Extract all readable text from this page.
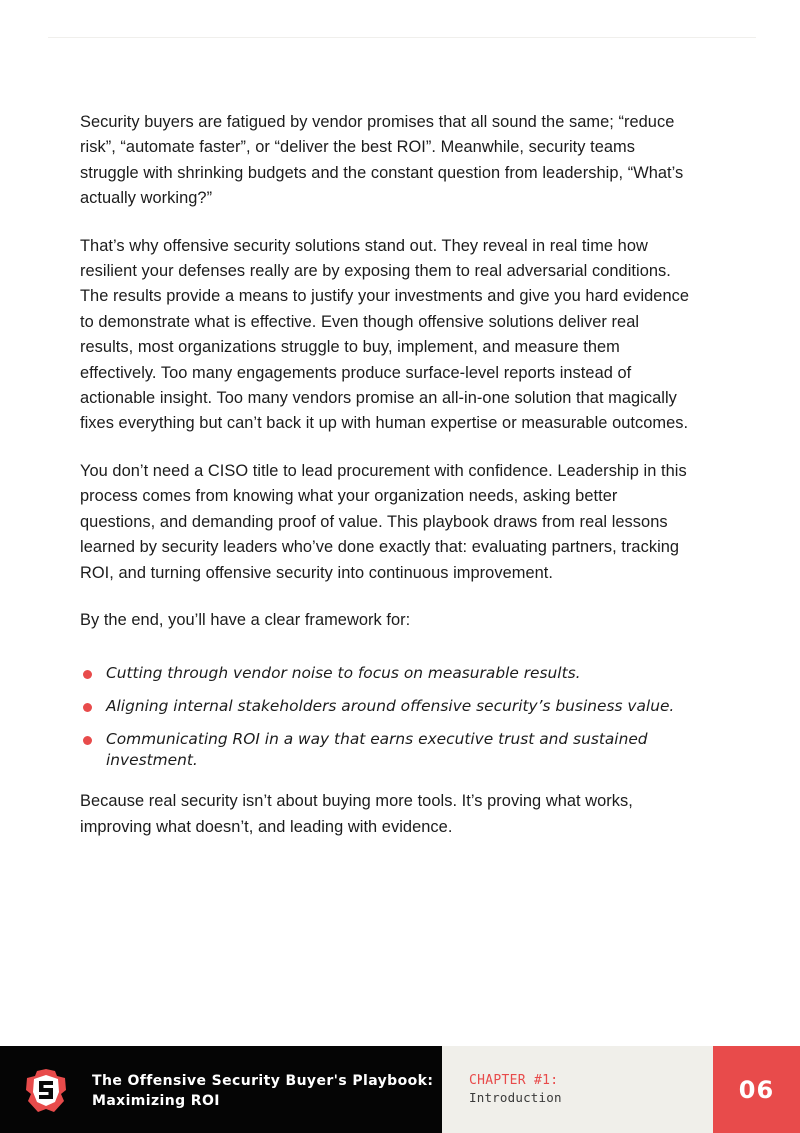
Security buyers are fatigued by vendor promises that all sound the same; “reduce risk”, “automate faster”, or “deliver the best ROI”. Meanwhile, security teams struggle with shrinking budgets and the constant question from leadership, “What’s actually working?”

That’s why offensive security solutions stand out. They reveal in real time how resilient your defenses really are by exposing them to real adversarial conditions. The results provide a means to justify your investments and give you hard evidence to demonstrate what is effective. Even though offensive solutions deliver real results, most organizations struggle to buy, implement, and measure them effectively. Too many engagements produce surface-level reports instead of actionable insight. Too many vendors promise an all-in-one solution that magically fixes everything but can’t back it up with human expertise or measurable outcomes.

You don’t need a CISO title to lead procurement with confidence. Leadership in this process comes from knowing what your organization needs, asking better questions, and demanding proof of value. This playbook draws from real lessons learned by security leaders who’ve done exactly that: evaluating partners, tracking ROI, and turning offensive security into continuous improvement.

By the end, you’ll have a clear framework for:

Cutting through vendor noise to focus on measurable results.
Aligning internal stakeholders around offensive security’s business value.
Communicating ROI in a way that earns executive trust and sustained investment.

Because real security isn’t about buying more tools. It’s proving what works, improving what doesn’t, and leading with evidence.

The Offensive Security Buyer's Playbook:
Maximizing ROI
CHAPTER #1:
Introduction	06
